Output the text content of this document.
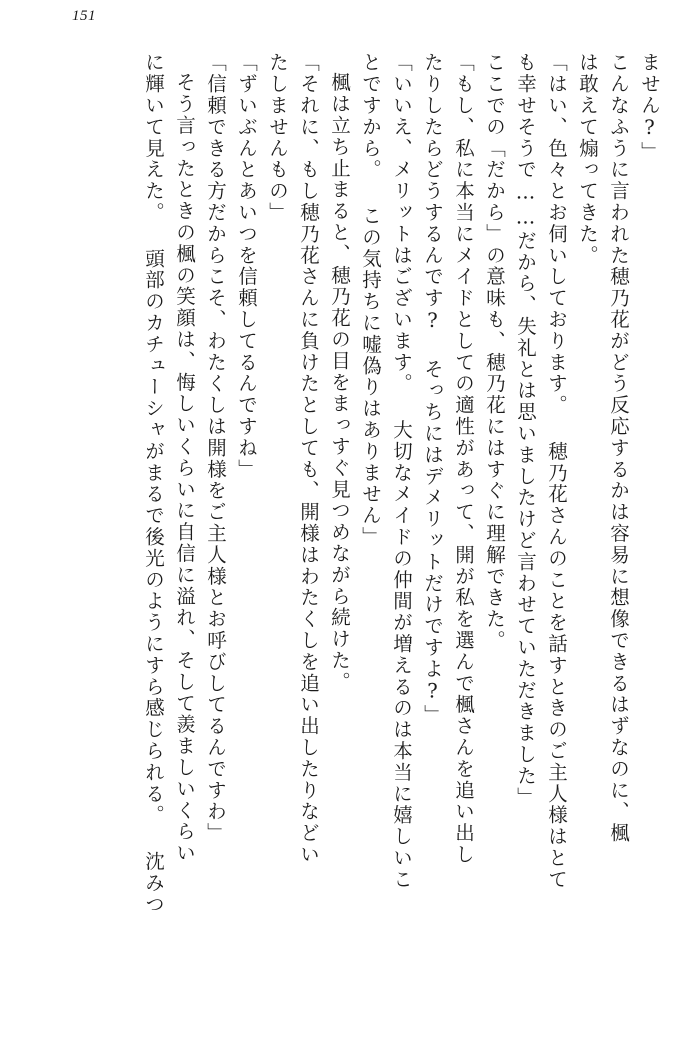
151
ません?」
こんなふうに言われた穂乃花がどう反応するかは容易に想像できるはずなのに、楓
は敢えて煽ってきた。
「はい、色々とお伺いしております。 穂乃花さんのことを話すときのご主人様はとて
も幸せそうで……だから、失礼とは思いましたけど言わせていただきました」
ここでの「だから」の意味も、穂乃花にはすぐに理解できた。
「もし、私に本当にメイドとしての適性があって、開が私を選んで楓さんを追い出し
たりしたらどうするんです? そっちにはデメリットだけですよ?」
「いいえ、メリットはございます。 大切なメイドの仲間が増えるのは本当に嬉しいこ
とですから。 この気持ちに嘘偽りはありません」
楓は立ち止まると、穂乃花の目をまっすぐ見つめながら続けた。
「それに、もし穂乃花さんに負けたとしても、開様はわたくしを追い出したりなどい
たしませんもの」
「ずいぶんとあいつを信頼してるんですね」
「信頼できる方だからこそ、わたくしは開様をご主人様とお呼びしてるんですわ」
そう言ったときの楓の笑顔は、悔しいくらいに自信に溢れ、そして羨ましいくらい
に輝いて見えた。 頭部のカチューシャがまるで後光のようにすら感じられる。 沈みつ
